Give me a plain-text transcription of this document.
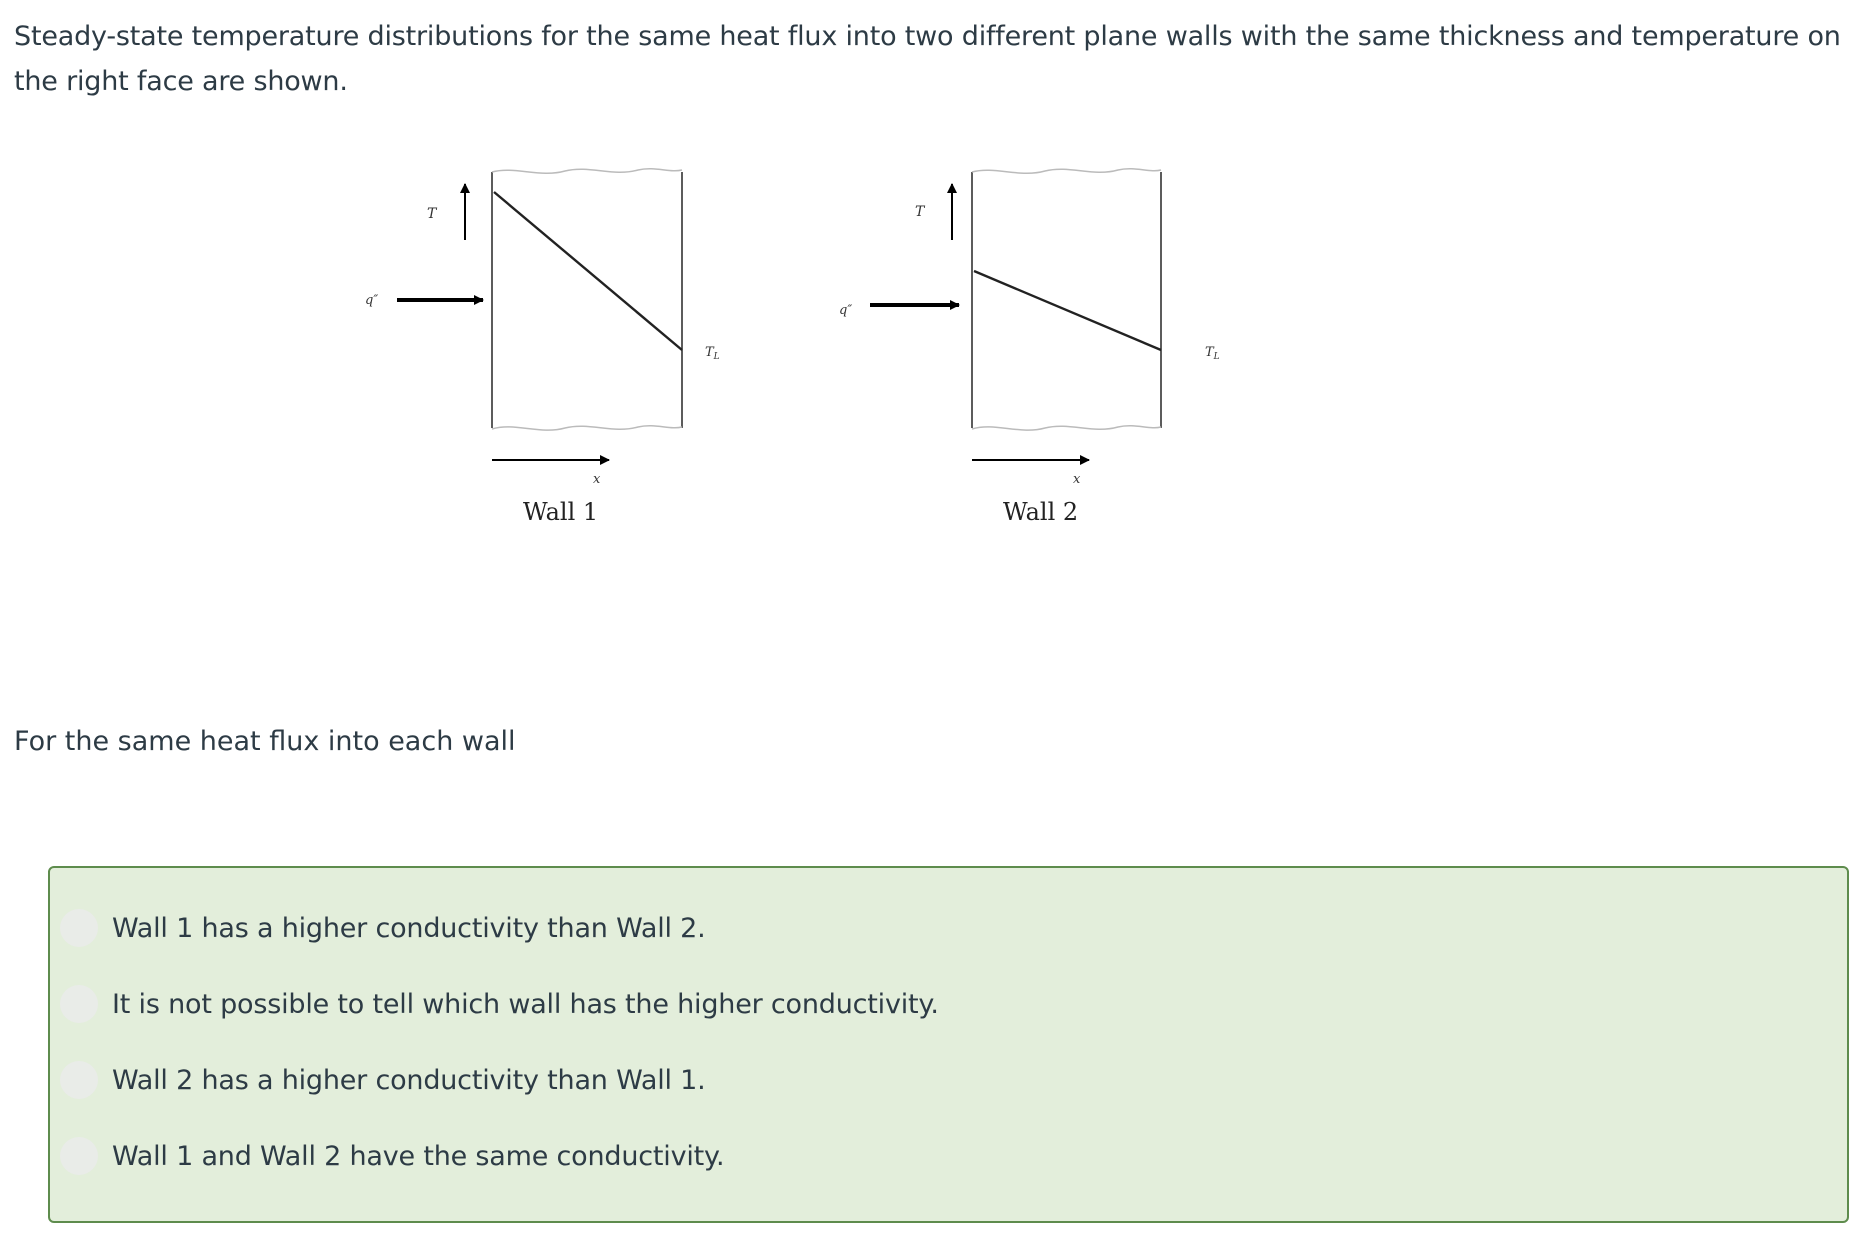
Steady-state temperature distributions for the same heat flux into two different plane walls with the same thickness and temperature on the right face are shown.
T
q″
$T_L$
x
Wall 1
T
q″
$T_L$
x
Wall 2
For the same heat flux into each wall
Wall 1 has a higher conductivity than Wall 2.
It is not possible to tell which wall has the higher conductivity.
Wall 2 has a higher conductivity than Wall 1.
Wall 1 and Wall 2 have the same conductivity.
